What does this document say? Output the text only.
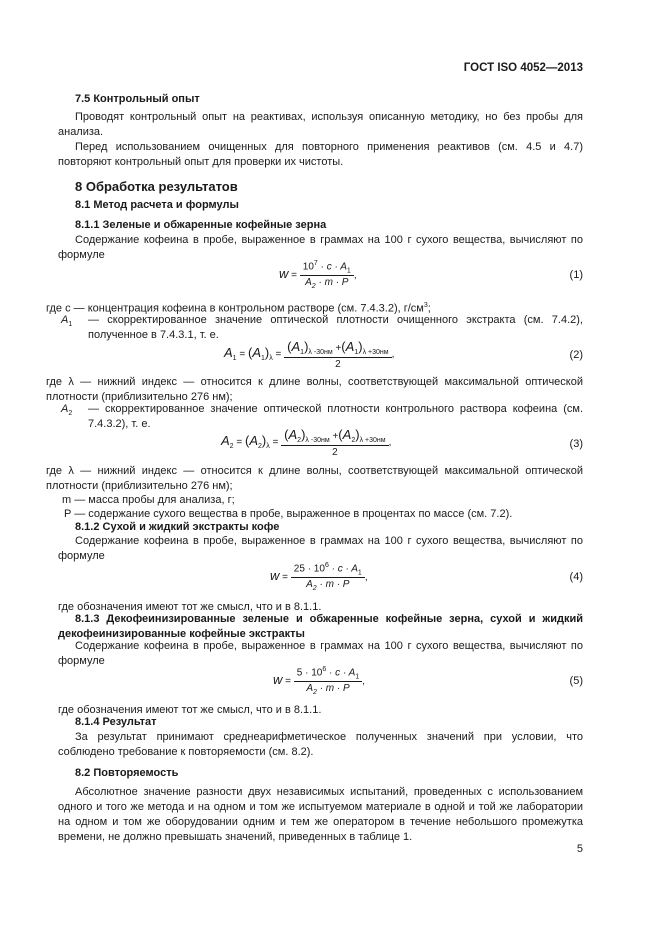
ГОСТ ISO 4052—2013
7.5 Контрольный опыт
Проводят контрольный опыт на реактивах, используя описанную методику, но без пробы для анализа.
Перед использованием очищенных для повторного применения реактивов (см. 4.5 и 4.7) повторяют контрольный опыт для проверки их чистоты.
8 Обработка результатов
8.1 Метод расчета и формулы
8.1.1 Зеленые и обжаренные кофейные зерна
Содержание кофеина в пробе, выраженное в граммах на 100 г сухого вещества, вычисляют по формуле
$w = \frac{10^7 \cdot c \cdot A_1}{A_2 \cdot m \cdot P}$ ,	(1)
где c — концентрация кофеина в контрольном растворе (см. 7.4.3.2), $г/см^3$;
$A_1$ — скорректированное значение оптической плотности очищенного экстракта (см. 7.4.2), полученное в 7.4.3.1, т. е.
$A_1 = (A_1)_\lambda = \frac{(A_1)_{\lambda -30нм} +(A_1)_{\lambda +30нм}}{2}$ ,	(2)
где λ — нижний индекс — относится к длине волны, соответствующей максимальной оптической плотности (приблизительно 276 нм);
$A_2$ — скорректированное значение оптической плотности контрольного раствора кофеина (см. 7.4.3.2), т. е.
$A_2 = (A_2)_\lambda = \frac{(A_2)_{\lambda -30нм} +(A_2)_{\lambda +30нм}}{2}$ ,	(3)
где λ — нижний индекс — относится к длине волны, соответствующей максимальной оптической плотности (приблизительно 276 нм);
m — масса пробы для анализа, г;
P — содержание сухого вещества в пробе, выраженное в процентах по массе (см. 7.2).
8.1.2 Сухой и жидкий экстракты кофе
Содержание кофеина в пробе, выраженное в граммах на 100 г сухого вещества, вычисляют по формуле
$w = \frac{25 \cdot 10^6 \cdot c \cdot A_1}{A_2 \cdot m \cdot P}$ ,	(4)
где обозначения имеют тот же смысл, что и в 8.1.1.
8.1.3 Декофеинизированные зеленые и обжаренные кофейные зерна, сухой и жидкий декофеинизированные кофейные экстракты
Содержание кофеина в пробе, выраженное в граммах на 100 г сухого вещества, вычисляют по формуле
$w = \frac{5 \cdot 10^6 \cdot c \cdot A_1}{A_2 \cdot m \cdot P}$ ,	(5)
где обозначения имеют тот же смысл, что и в 8.1.1.
8.1.4 Результат
За результат принимают среднеарифметическое полученных значений при условии, что соблюдено требование к повторяемости (см. 8.2).
8.2 Повторяемость
Абсолютное значение разности двух независимых испытаний, проведенных с использованием одного и того же метода и на одном и том же испытуемом материале в одной и той же лаборатории на одном и том же оборудовании одним и тем же оператором в течение небольшого промежутка времени, не должно превышать значений, приведенных в таблице 1.
5
